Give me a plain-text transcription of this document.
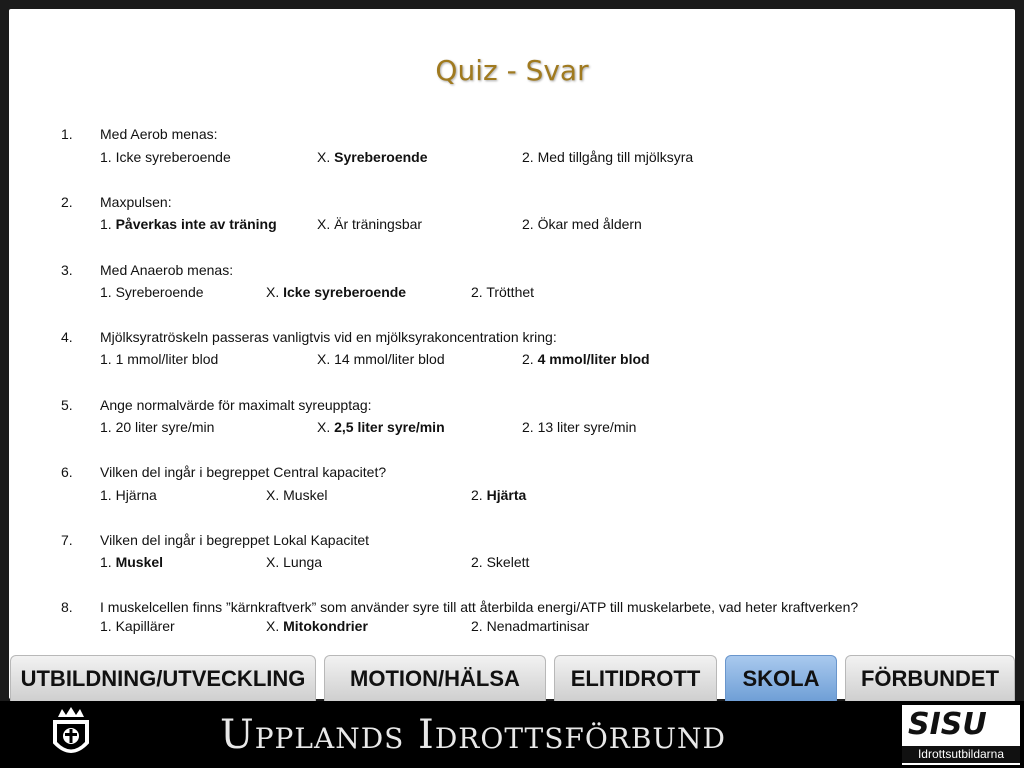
Quiz - Svar
1. Med Aerob menas:
1. Icke syreberoende	X. Syreberoende	2. Med tillgång till mjölksyra
2. Maxpulsen:
1. Påverkas inte av träning	X. Är träningsbar	2. Ökar med åldern
3. Med Anaerob menas:
1. Syreberoende	X. Icke syreberoende	2. Trötthet
4. Mjölksyratröskeln passeras vanligtvis vid en mjölksyrakoncentration kring:
1. 1 mmol/liter blod	X. 14 mmol/liter blod	2. 4 mmol/liter blod
5. Ange normalvärde för maximalt syreupptag:
1. 20 liter syre/min	X. 2,5 liter syre/min	2. 13 liter syre/min
6. Vilken del ingår i begreppet Central kapacitet?
1. Hjärna	X. Muskel	2. Hjärta
7. Vilken del ingår i begreppet Lokal Kapacitet
1. Muskel	X. Lunga	2. Skelett
8. I muskelcellen finns ”kärnkraftverk” som använder syre till att återbilda energi/ATP till muskelarbete, vad heter kraftverken?
1. Kapillärer	X. Mitokondrier	2. Nenadmartinisar
UTBILDNING/UTVECKLING	MOTION/HÄLSA	ELITIDROTT	SKOLA	FÖRBUNDET
Upplands Idrottsförbund	SISU
Idrottsutbildarna
